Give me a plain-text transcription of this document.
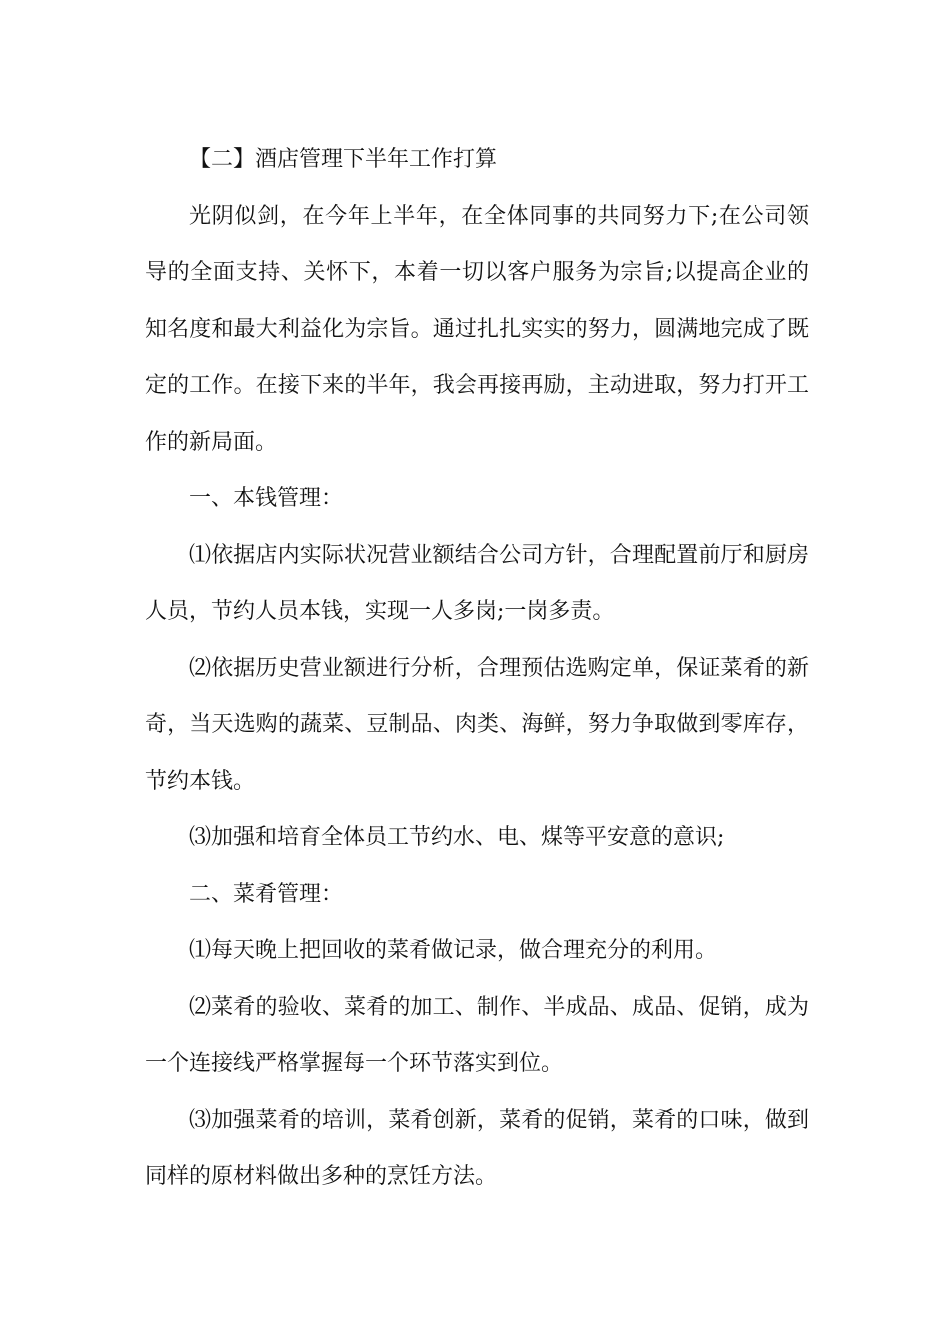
【二】酒店管理下半年工作打算

光阴似剑，在今年上半年，在全体同事的共同努力下;在公司领导的全面支持、关怀下，本着一切以客户服务为宗旨;以提高企业的知名度和最大利益化为宗旨。通过扎扎实实的努力，圆满地完成了既定的工作。在接下来的半年，我会再接再励，主动进取，努力打开工作的新局面。

一、本钱管理：

⑴依据店内实际状况营业额结合公司方针，合理配置前厅和厨房人员，节约人员本钱，实现一人多岗;一岗多责。

⑵依据历史营业额进行分析，合理预估选购定单，保证菜肴的新奇，当天选购的蔬菜、豆制品、肉类、海鲜，努力争取做到零库存，节约本钱。

⑶加强和培育全体员工节约水、电、煤等平安意的意识;

二、菜肴管理：

⑴每天晚上把回收的菜肴做记录，做合理充分的利用。

⑵菜肴的验收、菜肴的加工、制作、半成品、成品、促销，成为一个连接线严格掌握每一个环节落实到位。

⑶加强菜肴的培训，菜肴创新，菜肴的促销，菜肴的口味，做到同样的原材料做出多种的烹饪方法。
